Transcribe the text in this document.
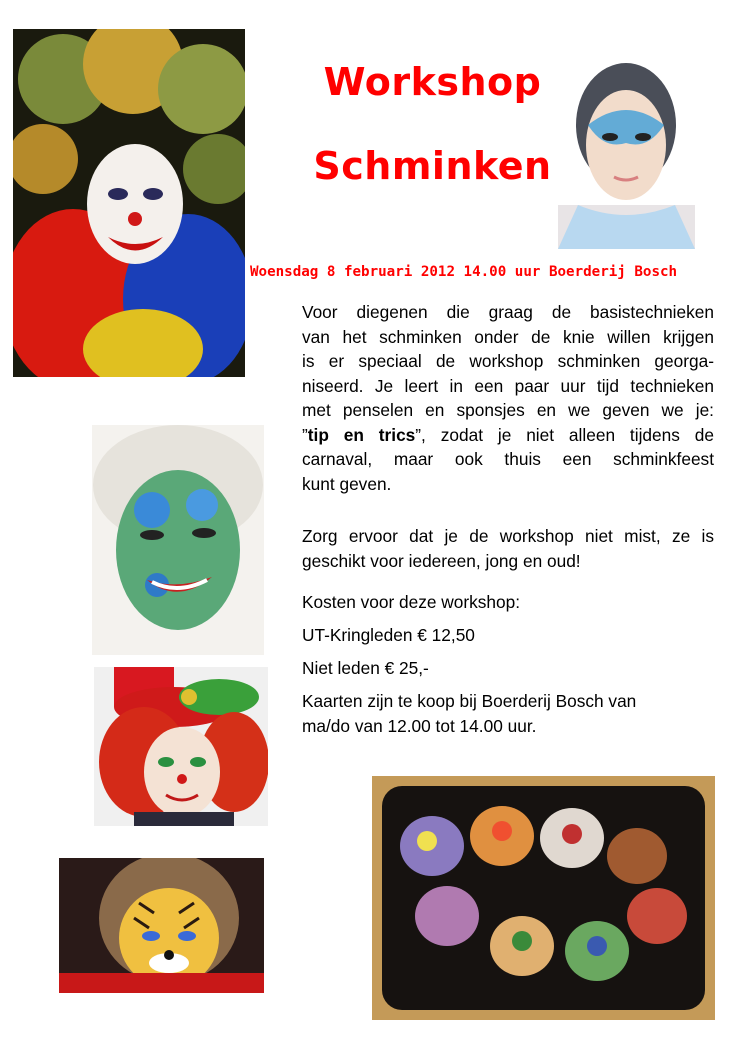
Workshop
Schminken
Woensdag 8 februari 2012 14.00 uur Boerderij Bosch
Voor diegenen die graag de basistechnieken
van het schminken onder de knie willen krijgen
is er speciaal de workshop schminken georga-
niseerd. Je leert in een paar uur tijd technieken
met penselen en sponsjes en we geven we je:
”tip en trics”, zodat je niet alleen tijdens de
carnaval, maar ook thuis een schminkfeest
kunt geven.
Zorg ervoor dat je de workshop niet mist, ze is
geschikt voor iedereen, jong en oud!
Kosten voor deze workshop:
UT-Kringleden € 12,50
Niet leden € 25,-

Kaarten zijn te koop bij Boerderij Bosch van

ma/do van 12.00 tot 14.00 uur.
